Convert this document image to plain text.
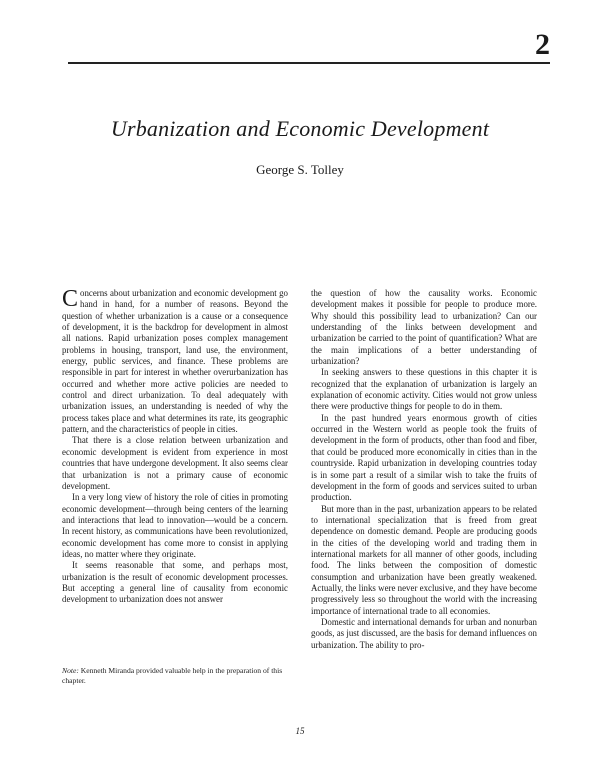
2
Urbanization and Economic Development
George S. Tolley

Concerns about urbanization and economic development go hand in hand, for a number of reasons. Beyond the question of whether urbanization is a cause or a consequence of development, it is the backdrop for development in almost all nations. Rapid urbanization poses complex management problems in housing, transport, land use, the environment, energy, public services, and finance. These problems are responsible in part for interest in whether overurbanization has occurred and whether more active policies are needed to control and direct urbanization. To deal adequately with urbanization issues, an understanding is needed of why the process takes place and what determines its rate, its geographic pattern, and the characteristics of people in cities.

That there is a close relation between urbanization and economic development is evident from experience in most countries that have undergone development. It also seems clear that urbanization is not a primary cause of economic development.

In a very long view of history the role of cities in promoting economic development—through being centers of the learning and interactions that lead to innovation—would be a concern. In recent history, as communications have been revolutionized, economic development has come more to consist in applying ideas, no matter where they originate.

It seems reasonable that some, and perhaps most, urbanization is the result of economic development processes. But accepting a general line of causality from economic development to urbanization does not answer

the question of how the causality works. Economic development makes it possible for people to produce more. Why should this possibility lead to urbanization? Can our understanding of the links between development and urbanization be carried to the point of quantification? What are the main implications of a better understanding of urbanization?

In seeking answers to these questions in this chapter it is recognized that the explanation of urbanization is largely an explanation of economic activity. Cities would not grow unless there were productive things for people to do in them.

In the past hundred years enormous growth of cities occurred in the Western world as people took the fruits of development in the form of products, other than food and fiber, that could be produced more economically in cities than in the countryside. Rapid urbanization in developing countries today is in some part a result of a similar wish to take the fruits of development in the form of goods and services suited to urban production.

But more than in the past, urbanization appears to be related to international specialization that is freed from great dependence on domestic demand. People are producing goods in the cities of the developing world and trading them in international markets for all manner of other goods, including food. The links between the composition of domestic consumption and urbanization have been greatly weakened. Actually, the links were never exclusive, and they have become progressively less so throughout the world with the increasing importance of international trade to all economies.

Domestic and international demands for urban and nonurban goods, as just discussed, are the basis for demand influences on urbanization. The ability to pro-

Note: Kenneth Miranda provided valuable help in the preparation of this chapter.
15
